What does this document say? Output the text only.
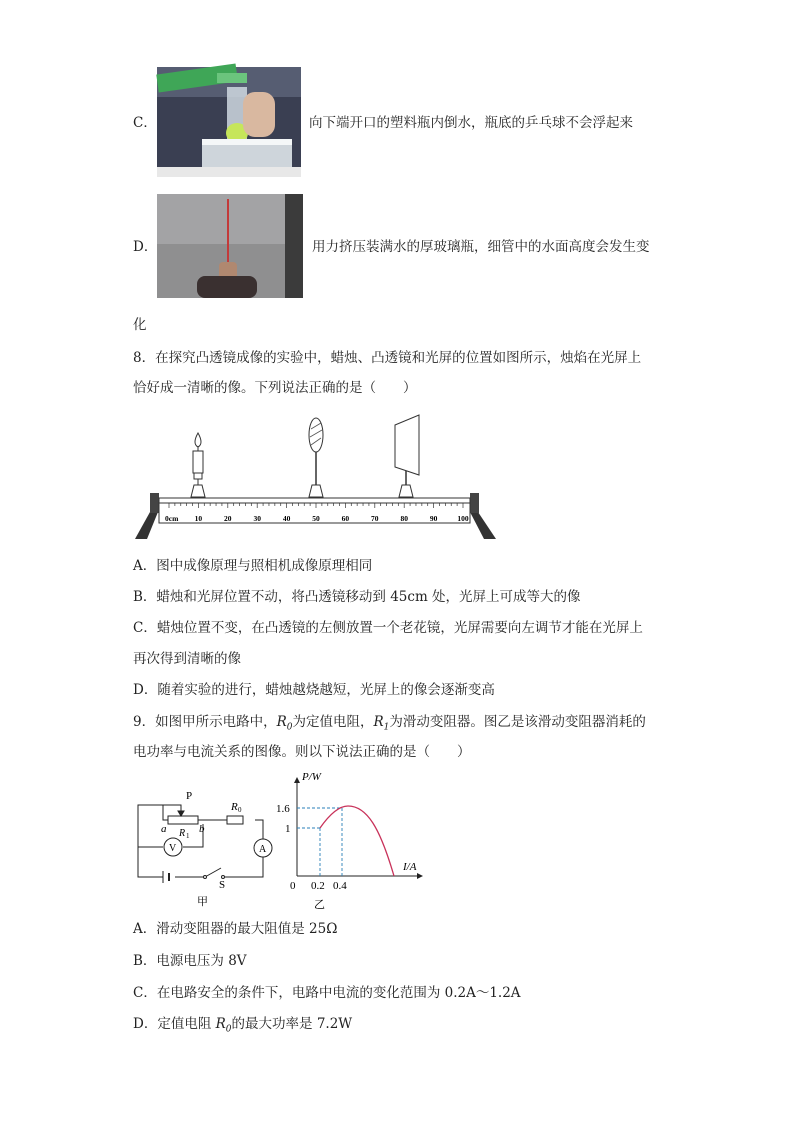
C．	向下端开口的塑料瓶内倒水，瓶底的乒乓球不会浮起来
D．	用力挤压装满水的厚玻璃瓶，细管中的水面高度会发生变
化
8．在探究凸透镜成像的实验中，蜡烛、凸透镜和光屏的位置如图所示，烛焰在光屏上
恰好成一清晰的像。下列说法正确的是（　　）
0cm 10	20	30	40	50	60	70	80	90	100
A．图中成像原理与照相机成像原理相同
B．蜡烛和光屏位置不动，将凸透镜移动到 45cm 处，光屏上可成等大的像
C．蜡烛位置不变，在凸透镜的左侧放置一个老花镜，光屏需要向左调节才能在光屏上
再次得到清晰的像
D．随着实验的进行，蜡烛越烧越短，光屏上的像会逐渐变高
9．如图甲所示电路中，$R_0$为定值电阻，$R_1$为滑动变阻器。图乙是该滑动变阻器消耗的
电功率与电流关系的图像。则以下说法正确的是（　　）
P
a	b
R 1
R 0
V	A
S
甲
P/W
I/A
0
1.6
1
0.2 0.4
乙
A．滑动变阻器的最大阻值是 25Ω
B．电源电压为 8V
C．在电路安全的条件下，电路中电流的变化范围为 0.2A～1.2A
D．定值电阻 $R_0$的最大功率是 7.2W
